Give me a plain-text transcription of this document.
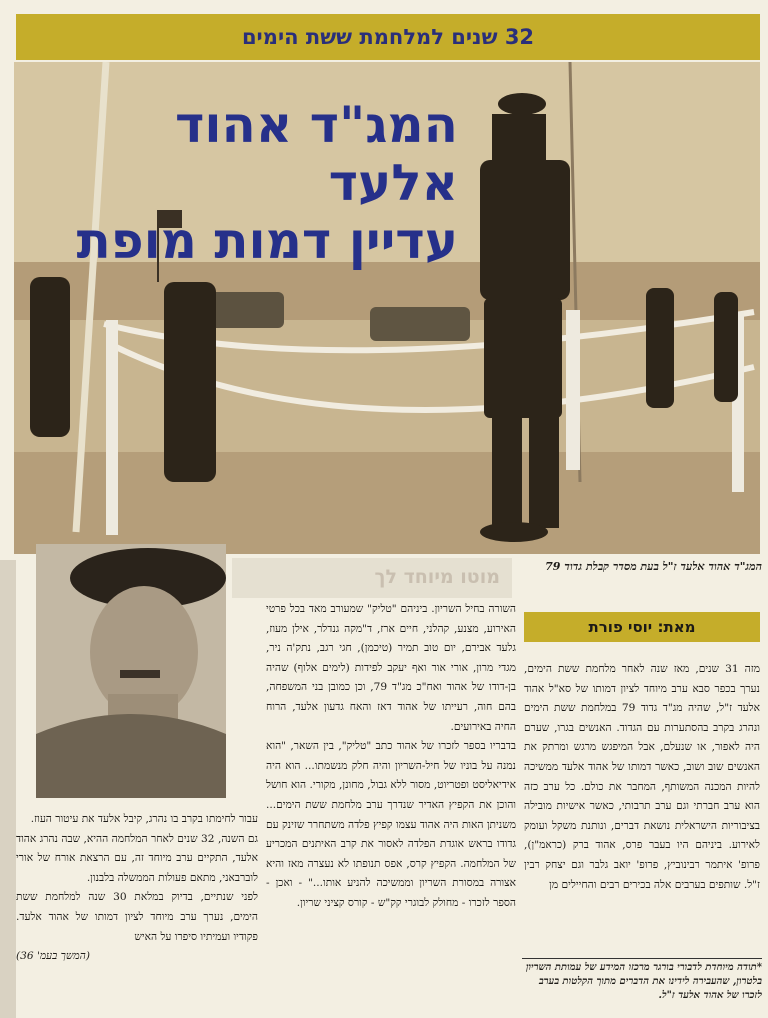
32 שנים למלחמת ששת הימים
המג"ד אהוד אלעד
עדיין דמות מופת
המג"ד אהוד אלעד ז"ל בעת מסדר קבלת גדוד 79
מוטו מיוחד לך
מאת: יוסי פורת

מזה 31 שנים, מאז שנה לאחר מלחמת ששת הימים, נערך בכפר סבא ערב מיוחד לציון דמותו של סא"ל אהוד אלעד ז"ל, שהיה מג"ד גדוד 79 במלחמת ששת הימים ונהרג בקרב בהסתערות עם הגדוד. האנשים בגרו, שערם היה לאפור, או שנעלם, אבל המיפגש מרגש ומרתק את האנשים שוב ושוב, כאשר דמותו של אהוד אלעד ממשיכה להיות המכנה המשותף, המחבר את כולם. כל ערב כזה הוא ערב חברתי וגם ערב תרבותי, כאשר אישיות מובילה בציבוריות הישראלית נושאת דברים, ונותנת משקל ועומק לאירוע. ביניהם היו בעבר פרס, אהוד ברק (כראמ"ן), פרופ' איתמר רבינוביץ, פרופ' יואב גלבר וגם יצחק רבין ז"ל. שותפים בערבים אלה בכירים רבים והחיילים מן

השורה בחיל השריון. ביניהם "טליק" שמעורב מאד בכל פרטי האירוע, מצנע, קהלני, חיים ארז, ד"מקה גנדלר, אילן מעוז, גלעד אבירם, יום טוב תמיר (טיכמן), חגי רגב, נתק'ה ניר, מגדי מרון, אורי אור ואף יעקב לפידות (לימים אלוף) שהיה בן-דודו של אהוד ואח"כ מג"ד 79, וכן כמובן בני המשפחה, בהם חוה, רעייתו של אהוד דאז והאח גדעון אלעד, הרוח החיה באירועים.

בדבריו בספר לזכרו של אהוד כתב "טליק", בין השאר, "הוא נמנה על בוניו של חיל-השריון והיה חלק מנשמתו... הוא היה אידיאליסט ופטריוט, מסור ללא גבול, מחונן, מקורי. הוא חושל והוכן את הקפיץ האדיר שנדרך ערב מלחמת ששת הימים... משניתן האות היה אהוד עצמו קפיץ פלדה משתחרר שזינק עם גדודו בראש אוגדת הפלדה לאסור את קרב האיתנים המכריע של המלחמה. הקפיץ קרס, אפס תנופתו לא נעצרה מאז והיא אצורה במסורת השריון וממשיכה להניע אותו..." - ואכן - הספר לזכרו - מחולק לבוגרי קק"ש - קורס קציני שריון.

עבור לחימתו בקרב בו נהרג, קיבל אלעד את עיטור העוז.

גם השנה, 32 שנים לאחר המלחמה ההיא, שבה נהרג אהוד אלעד, התקיים ערב מיוחד זה, עם הרצאת אורח של אורי לוברבאני, מתאם פעולות הממשלה בלבנון.

לפני שנתיים, בדיוק במלאת 30 שנה למלחמת ששת הימים, נערך ערב מיוחד לציון דמותו של אהוד אלעד. פקודיו ועמיתיו סיפרו על האיש

(המשך בעמ' 36)

*תודה מיוחדת לדבורי בורגר מרכזו המידע של עמותת השריון בלטרון, שהעבירה לידינו את הדברים מתוך הקלטות בערב לזכרו של אהוד אלעד ז"ל.
